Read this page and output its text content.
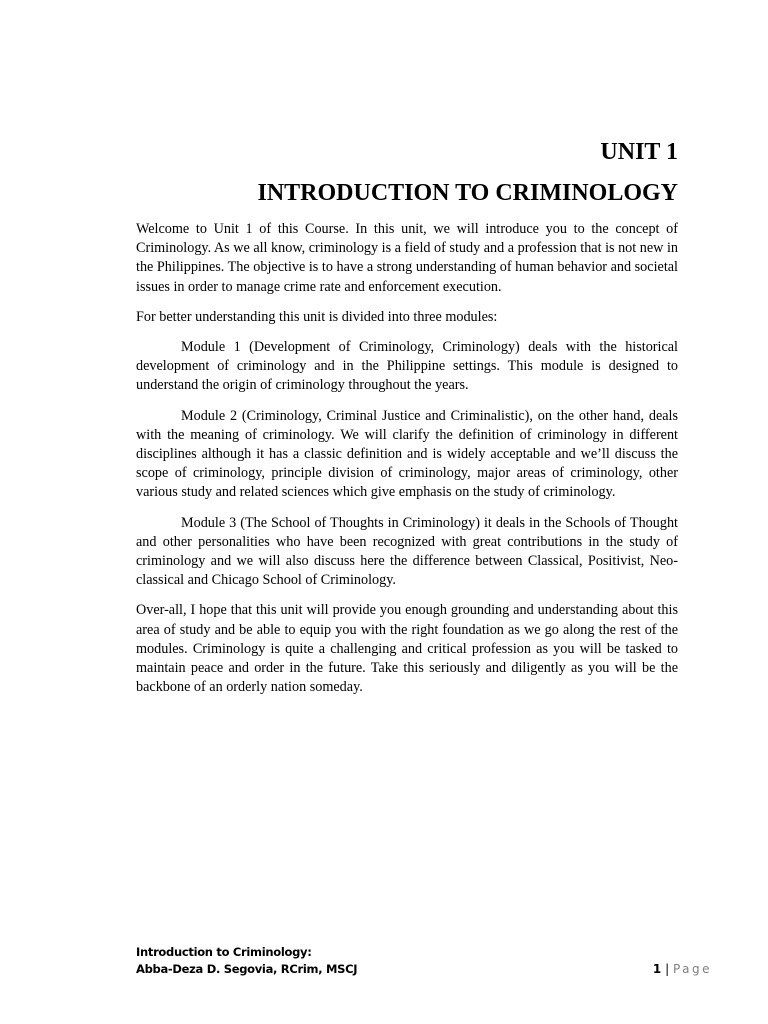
UNIT 1
INTRODUCTION TO CRIMINOLOGY

Welcome to Unit 1 of this Course. In this unit, we will introduce you to the concept of Criminology. As we all know, criminology is a field of study and a profession that is not new in the Philippines. The objective is to have a strong understanding of human behavior and societal issues in order to manage crime rate and enforcement execution.

For better understanding this unit is divided into three modules:

Module 1 (Development of Criminology, Criminology) deals with the historical development of criminology and in the Philippine settings. This module is designed to understand the origin of criminology throughout the years.

Module 2 (Criminology, Criminal Justice and Criminalistic), on the other hand, deals with the meaning of criminology. We will clarify the definition of criminology in different disciplines although it has a classic definition and is widely acceptable and we’ll discuss the scope of criminology, principle division of criminology, major areas of criminology, other various study and related sciences which give emphasis on the study of criminology.

Module 3 (The School of Thoughts in Criminology) it deals in the Schools of Thought and other personalities who have been recognized with great contributions in the study of criminology and we will also discuss here the difference between Classical, Positivist, Neo-classical and Chicago School of Criminology.

Over-all, I hope that this unit will provide you enough grounding and understanding about this area of study and be able to equip you with the right foundation as we go along the rest of the modules. Criminology is quite a challenging and critical profession as you will be tasked to maintain peace and order in the future. Take this seriously and diligently as you will be the backbone of an orderly nation someday.

Introduction to Criminology:
Abba-Deza D. Segovia, RCrim, MSCJ	1 | Page
